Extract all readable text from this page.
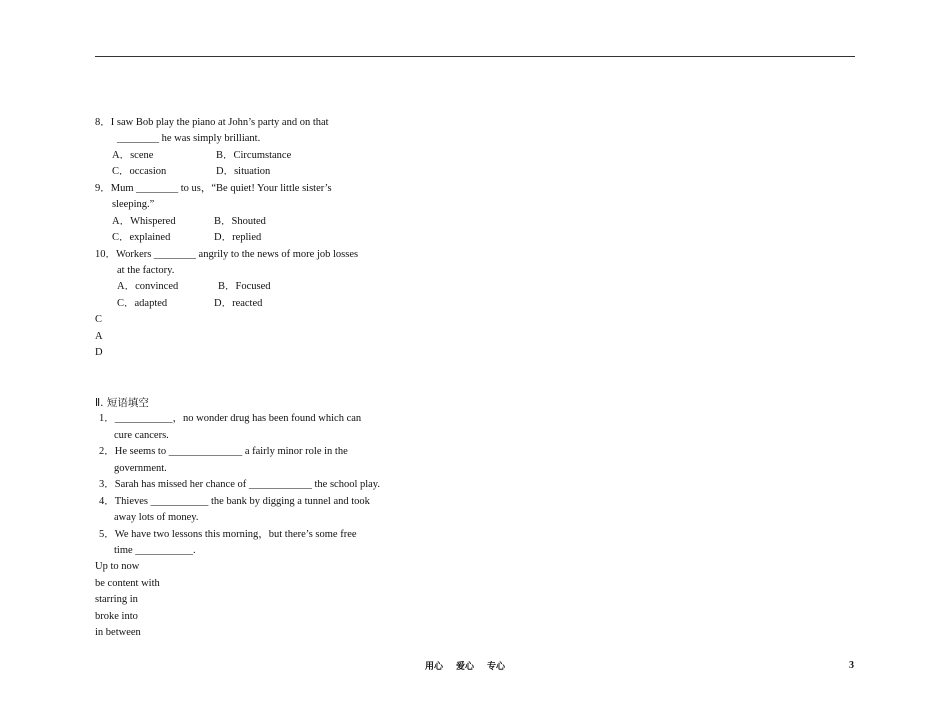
8．I saw Bob play the piano at John’s party and on that
________ he was simply brilliant.
A．scene	B．Circumstance
C．occasion	D．situation
9．Mum ________ to us，“Be quiet! Your little sister’s
sleeping.”
A．Whispered	B．Shouted
C．explained	D．replied
10．Workers ________ angrily to the news of more job losses
at the factory.
A．convinced	B．Focused
C．adapted	D．reacted
C
A
D
Ⅱ. 短语填空
1．___________，no wonder drug has been found which can
cure cancers.
2．He seems to ______________ a fairly minor role in the
government.
3．Sarah has missed her chance of ____________ the school play.
4．Thieves ___________ the bank by digging a tunnel and took
away lots of money.
5．We have two lessons this morning，but there’s some free
time ___________.
Up to now
be content with
starring in
broke into
in between
用心 爱心 专心	3
